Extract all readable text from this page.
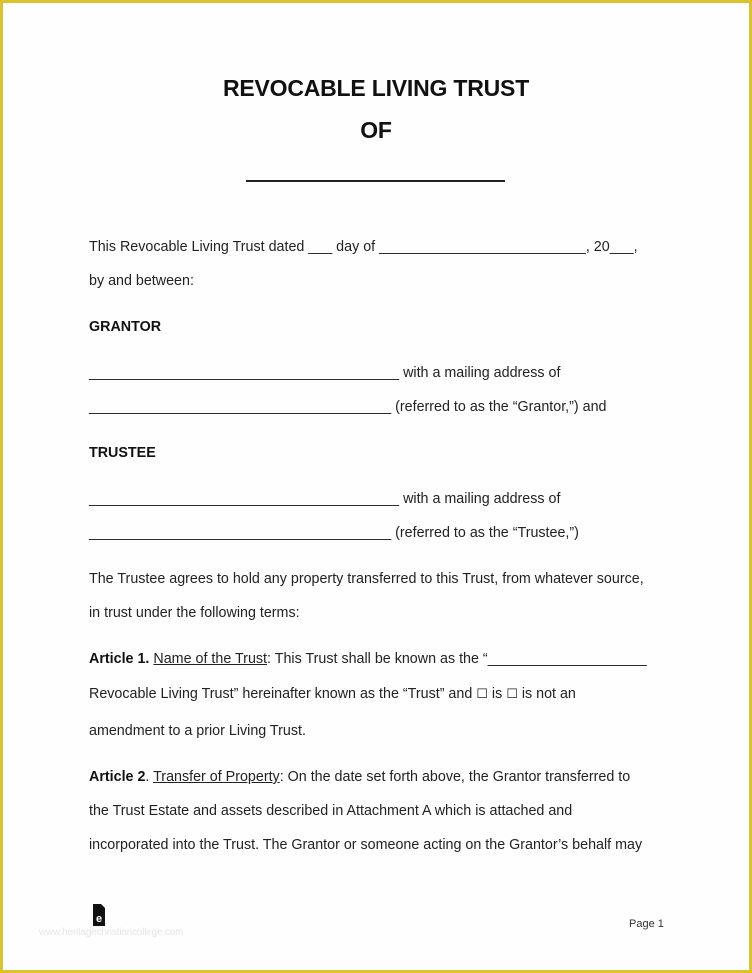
REVOCABLE LIVING TRUST
OF
This Revocable Living Trust dated ___ day of __________________________, 20___,
by and between:
GRANTOR
_______________________________________ with a mailing address of
______________________________________ (referred to as the “Grantor,”) and
TRUSTEE
_______________________________________ with a mailing address of
______________________________________ (referred to as the “Trustee,”)
The Trustee agrees to hold any property transferred to this Trust, from whatever source,
in trust under the following terms:
Article 1. Name of the Trust: This Trust shall be known as the “____________________
Revocable Living Trust” hereinafter known as the “Trust” and ☐ is ☐ is not an
amendment to a prior Living Trust.
Article 2. Transfer of Property: On the date set forth above, the Grantor transferred to
the Trust Estate and assets described in Attachment A which is attached and
incorporated into the Trust. The Grantor or someone acting on the Grantor’s behalf may
e
www.heritagechristiancollege.com
Page 1
